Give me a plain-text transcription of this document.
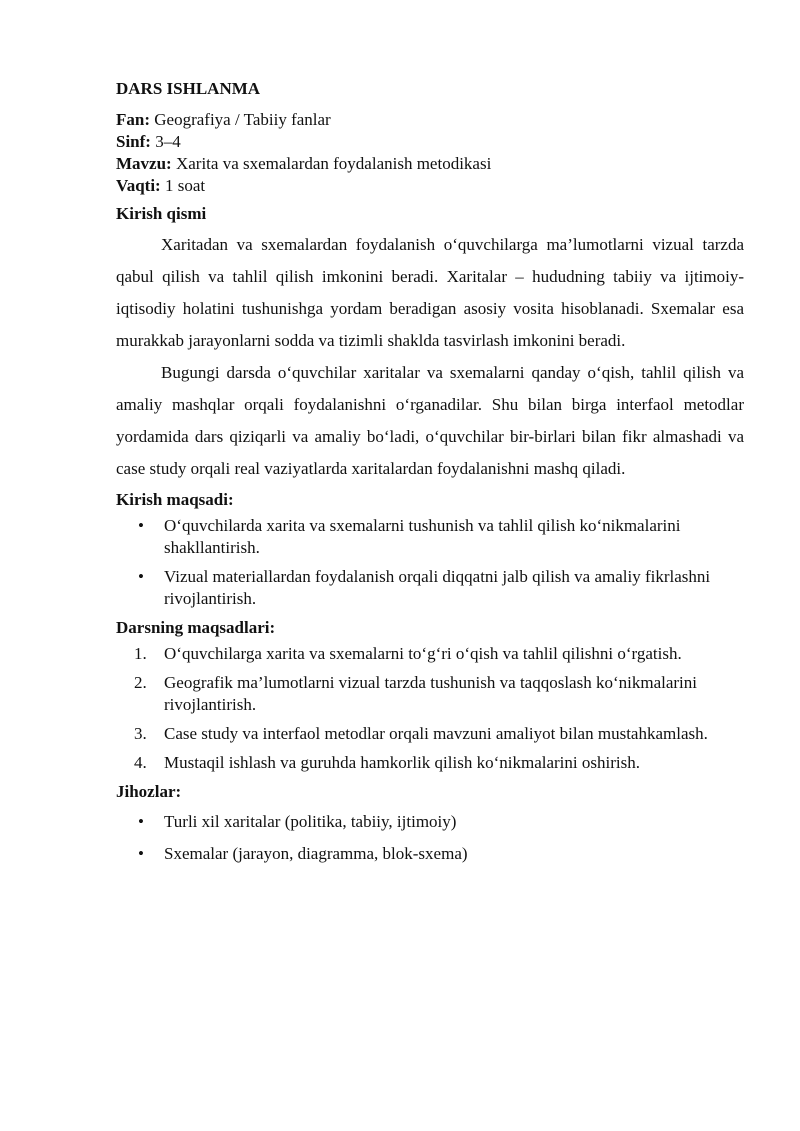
DARS ISHLANMA

Fan: Geografiya / Tabiiy fanlar

Sinf: 3–4

Mavzu: Xarita va sxemalardan foydalanish metodikasi

Vaqti: 1 soat

Kirish qismi

Xaritadan va sxemalardan foydalanish o‘quvchilarga ma’lumotlarni vizual tarzda qabul qilish va tahlil qilish imkonini beradi. Xaritalar – hududning tabiiy va ijtimoiy-iqtisodiy holatini tushunishga yordam beradigan asosiy vosita hisoblanadi. Sxemalar esa murakkab jarayonlarni sodda va tizimli shaklda tasvirlash imkonini beradi.

Bugungi darsda o‘quvchilar xaritalar va sxemalarni qanday o‘qish, tahlil qilish va amaliy mashqlar orqali foydalanishni o‘rganadilar. Shu bilan birga interfaol metodlar yordamida dars qiziqarli va amaliy bo‘ladi, o‘quvchilar bir-birlari bilan fikr almashadi va case study orqali real vaziyatlarda xaritalardan foydalanishni mashq qiladi.

Kirish maqsadi:
• O‘quvchilarda xarita va sxemalarni tushunish va tahlil qilish ko‘nikmalarini shakllantirish.
• Vizual materiallardan foydalanish orqali diqqatni jalb qilish va amaliy fikrlashni rivojlantirish.
Darsning maqsadlari:
1. O‘quvchilarga xarita va sxemalarni to‘g‘ri o‘qish va tahlil qilishni o‘rgatish.
2. Geografik ma’lumotlarni vizual tarzda tushunish va taqqoslash ko‘nikmalarini rivojlantirish.
3. Case study va interfaol metodlar orqali mavzuni amaliyot bilan mustahkamlash.
4. Mustaqil ishlash va guruhda hamkorlik qilish ko‘nikmalarini oshirish.
Jihozlar:
• Turli xil xaritalar (politika, tabiiy, ijtimoiy)
• Sxemalar (jarayon, diagramma, blok-sxema)
